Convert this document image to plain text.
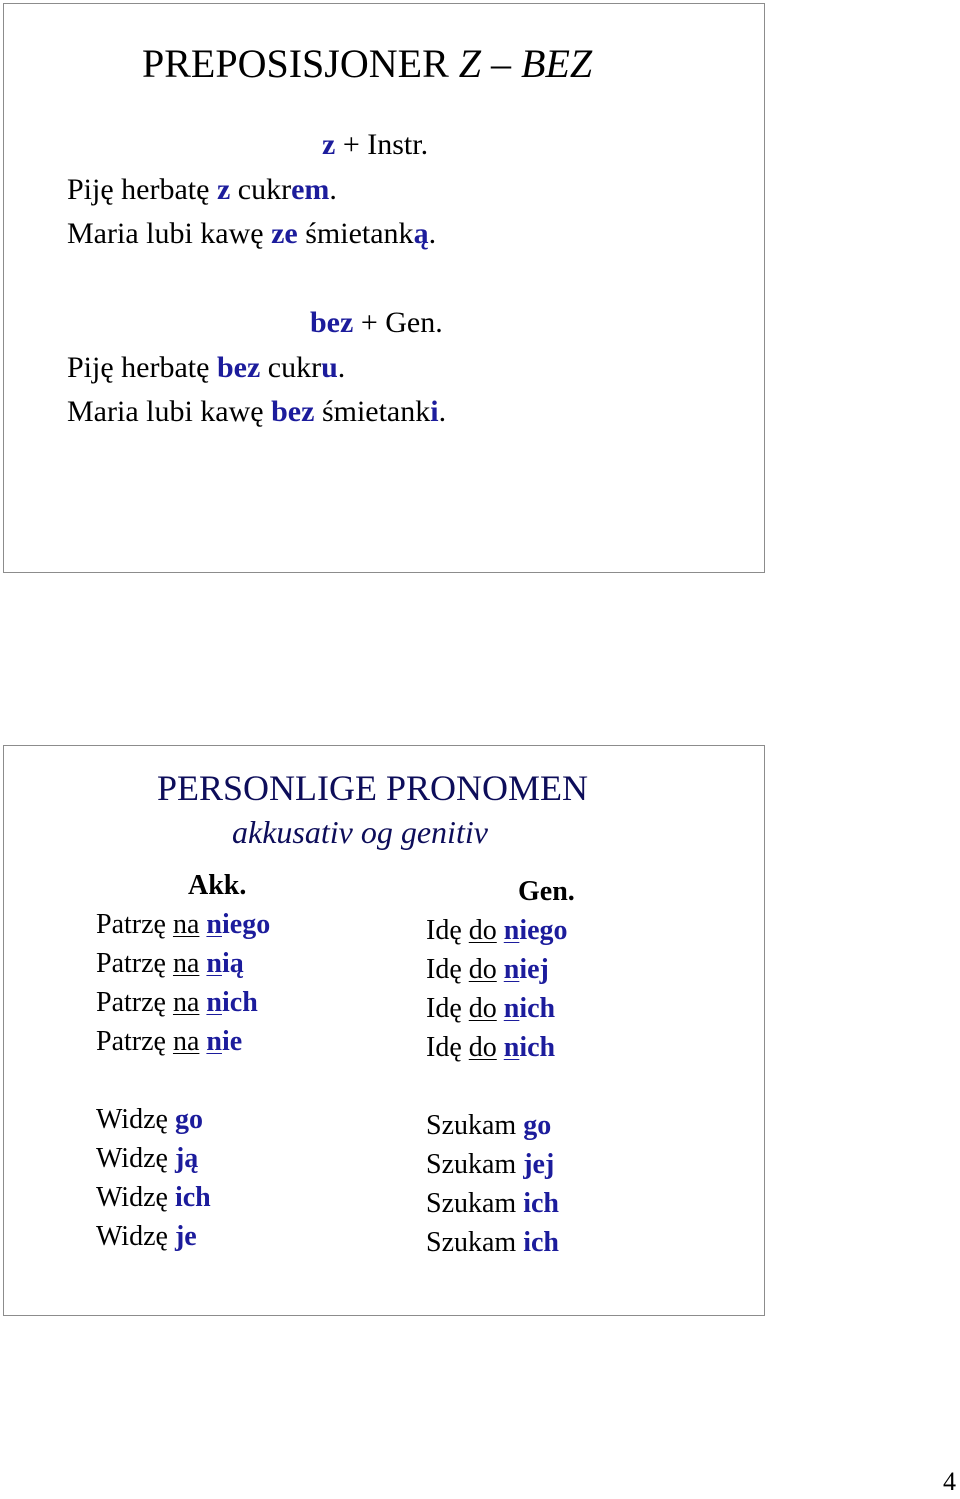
PREPOSISJONER Z – BEZ
z + Instr.
Piję herbatę z cukrem.
Maria lubi kawę ze śmietanką.
bez + Gen.
Piję herbatę bez cukru.
Maria lubi kawę bez śmietanki.
PERSONLIGE PRONOMEN
akkusativ og genitiv
Akk.	Gen.
Patrzę na niego
Patrzę na nią
Patrzę na nich
Patrzę na nie
Idę do niego
Idę do niej
Idę do nich
Idę do nich
Widzę go
Widzę ją
Widzę ich
Widzę je
Szukam go
Szukam jej
Szukam ich
Szukam ich
4
